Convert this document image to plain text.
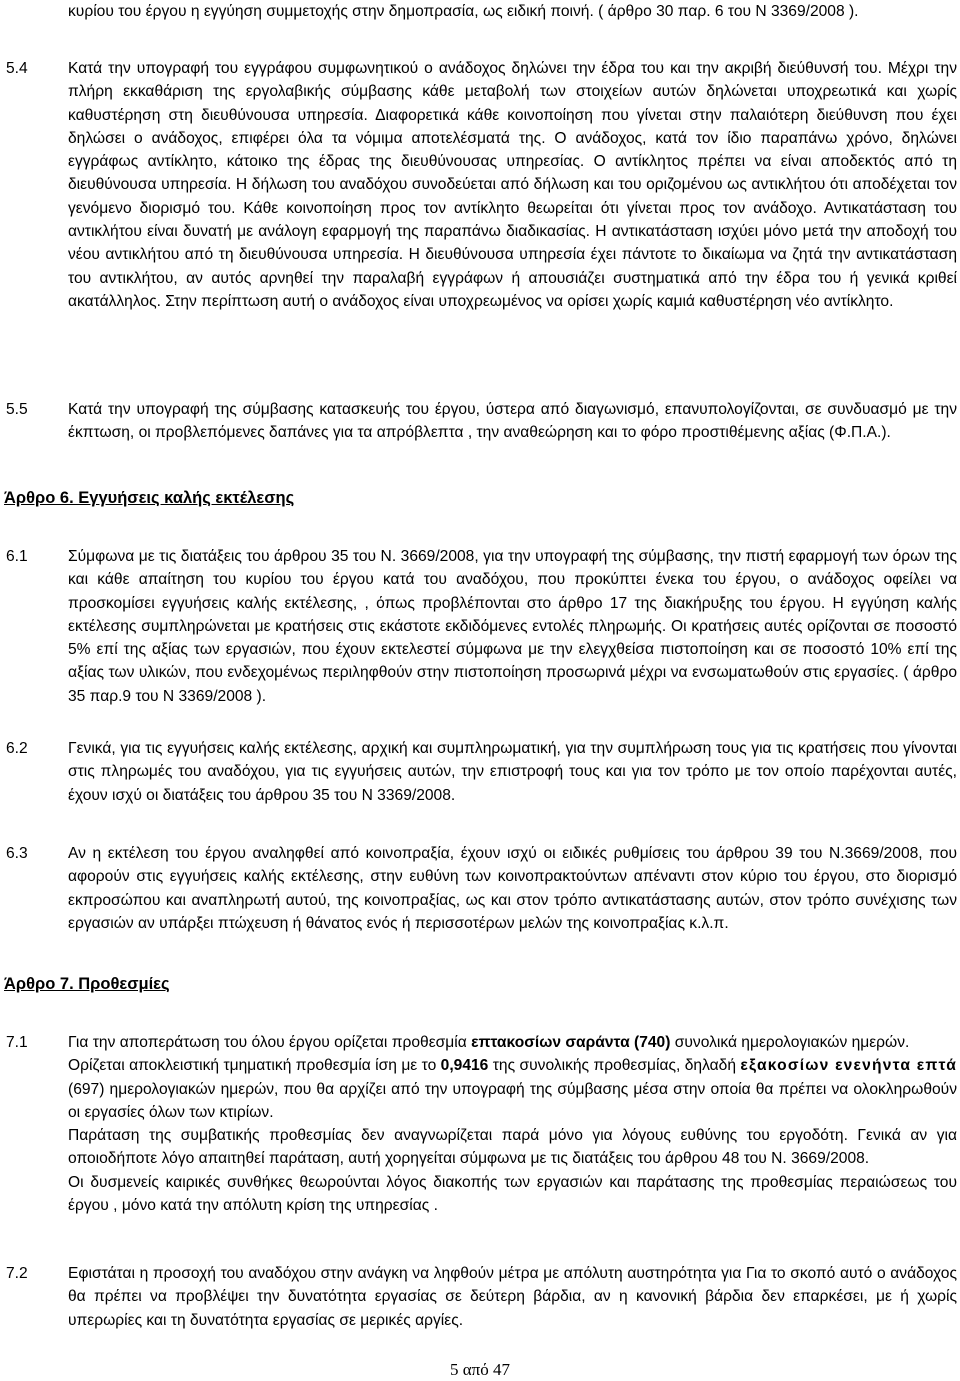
κυρίου του έργου η εγγύηση συμμετοχής στην δημοπρασία, ως ειδική ποινή. ( άρθρο 30 παρ. 6 του Ν 3369/2008 ).

5.4	Κατά την υπογραφή του εγγράφου συμφωνητικού ο ανάδοχος δηλώνει την έδρα του και την ακριβή διεύθυνσή του. Μέχρι την πλήρη εκκαθάριση της εργολαβικής σύμβασης κάθε μεταβολή των στοιχείων αυτών δηλώνεται υποχρεωτικά και χωρίς καθυστέρηση στη διευθύνουσα υπηρεσία. Διαφορετικά κάθε κοινοποίηση που γίνεται στην παλαιότερη διεύθυνση που έχει δηλώσει ο ανάδοχος, επιφέρει όλα τα νόμιμα αποτελέσματά της. Ο ανάδοχος, κατά τον ίδιο παραπάνω χρόνο, δηλώνει εγγράφως αντίκλητο, κάτοικο της έδρας της διευθύνουσας υπηρεσίας. Ο αντίκλητος πρέπει να είναι αποδεκτός από τη διευθύνουσα υπηρεσία. Η δήλωση του αναδόχου συνοδεύεται από δήλωση και του οριζομένου ως αντικλήτου ότι αποδέχεται τον γενόμενο διορισμό του. Κάθε κοινοποίηση προς τον αντίκλητο θεωρείται ότι γίνεται προς τον ανάδοχο. Αντικατάσταση του αντικλήτου είναι δυνατή με ανάλογη εφαρμογή της παραπάνω διαδικασίας. Η αντικατάσταση ισχύει μόνο μετά την αποδοχή του νέου αντικλήτου από τη διευθύνουσα υπηρεσία. Η διευθύνουσα υπηρεσία έχει πάντοτε το δικαίωμα να ζητά την αντικατάσταση του αντικλήτου, αν αυτός αρνηθεί την παραλαβή εγγράφων ή απουσιάζει συστηματικά από την έδρα του ή γενικά κριθεί ακατάλληλος. Στην περίπτωση αυτή ο ανάδοχος είναι υποχρεωμένος να ορίσει χωρίς καμιά καθυστέρηση νέο αντίκλητο.

5.5	Κατά την υπογραφή της σύμβασης κατασκευής του έργου, ύστερα από διαγωνισμό, επανυπολογίζονται, σε συνδυασμό με την έκπτωση, οι προβλεπόμενες δαπάνες για τα απρόβλεπτα , την αναθεώρηση και το φόρο προστιθέμενης αξίας (Φ.Π.Α.).

Άρθρο 6. Εγγυήσεις καλής εκτέλεσης
6.1	Σύμφωνα με τις διατάξεις του άρθρου 35 του Ν. 3669/2008, για την υπογραφή της σύμβασης, την πιστή εφαρμογή των όρων της και κάθε απαίτηση του κυρίου του έργου κατά του αναδόχου, που προκύπτει ένεκα του έργου, ο ανάδοχος οφείλει να προσκομίσει εγγυήσεις καλής εκτέλεσης, , όπως προβλέπονται στο άρθρο 17 της διακήρυξης του έργου. Η εγγύηση καλής εκτέλεσης συμπληρώνεται με κρατήσεις στις εκάστοτε εκδιδόμενες εντολές πληρωμής. Οι κρατήσεις αυτές ορίζονται σε ποσοστό 5% επί της αξίας των εργασιών, που έχουν εκτελεστεί σύμφωνα με την ελεγχθείσα πιστοποίηση και σε ποσοστό 10% επί της αξίας των υλικών, που ενδεχομένως περιληφθούν στην πιστοποίηση προσωρινά μέχρι να ενσωματωθούν στις εργασίες. ( άρθρο 35 παρ.9 του Ν 3369/2008 ).

6.2	Γενικά, για τις εγγυήσεις καλής εκτέλεσης, αρχική και συμπληρωματική, για την συμπλήρωση τους για τις κρατήσεις που γίνονται στις πληρωμές του αναδόχου, για τις εγγυήσεις αυτών, την επιστροφή τους και για τον τρόπο με τον οποίο παρέχονται αυτές, έχουν ισχύ οι διατάξεις του άρθρου 35 του Ν 3369/2008.

6.3	Αν η εκτέλεση του έργου αναληφθεί από κοινοπραξία, έχουν ισχύ οι ειδικές ρυθμίσεις του άρθρου 39 του Ν.3669/2008, που αφορούν στις εγγυήσεις καλής εκτέλεσης, στην ευθύνη των κοινοπρακτούντων απέναντι στον κύριο του έργου, στο διορισμό εκπροσώπου και αναπληρωτή αυτού, της κοινοπραξίας, ως και στον τρόπο αντικατάστασης αυτών, στον τρόπο συνέχισης των εργασιών αν υπάρξει πτώχευση ή θάνατος ενός ή περισσοτέρων μελών της κοινοπραξίας κ.λ.π.

Άρθρο 7. Προθεσμίες
7.1	Για την αποπεράτωση του όλου έργου ορίζεται προθεσμία επτακοσίων σαράντα (740) συνολικά ημερολογιακών ημερών.
Ορίζεται αποκλειστική τμηματική προθεσμία ίση με το 0,9416 της συνολικής προθεσμίας, δηλαδή εξακοσίων ενενήντα επτά (697) ημερολογιακών ημερών, που θα αρχίζει από την υπογραφή της σύμβασης μέσα στην οποία θα πρέπει να ολοκληρωθούν οι εργασίες όλων των κτιρίων.
Παράταση της συμβατικής προθεσμίας δεν αναγνωρίζεται παρά μόνο για λόγους ευθύνης του εργοδότη. Γενικά αν για οποιοδήποτε λόγο απαιτηθεί παράταση, αυτή χορηγείται σύμφωνα με τις διατάξεις του άρθρου 48 του Ν. 3669/2008.
Οι δυσμενείς καιρικές συνθήκες θεωρούνται λόγος διακοπής των εργασιών και παράτασης της προθεσμίας περαιώσεως του έργου , μόνο κατά την απόλυτη κρίση της υπηρεσίας .
7.2	Εφιστάται η προσοχή του αναδόχου στην ανάγκη να ληφθούν μέτρα με απόλυτη αυστηρότητα για Για το σκοπό αυτό ο ανάδοχος θα πρέπει να προβλέψει την δυνατότητα εργασίας σε δεύτερη βάρδια, αν η κανονική βάρδια δεν επαρκέσει, με ή χωρίς υπερωρίες και τη δυνατότητα εργασίας σε μερικές αργίες.

5 από 47
